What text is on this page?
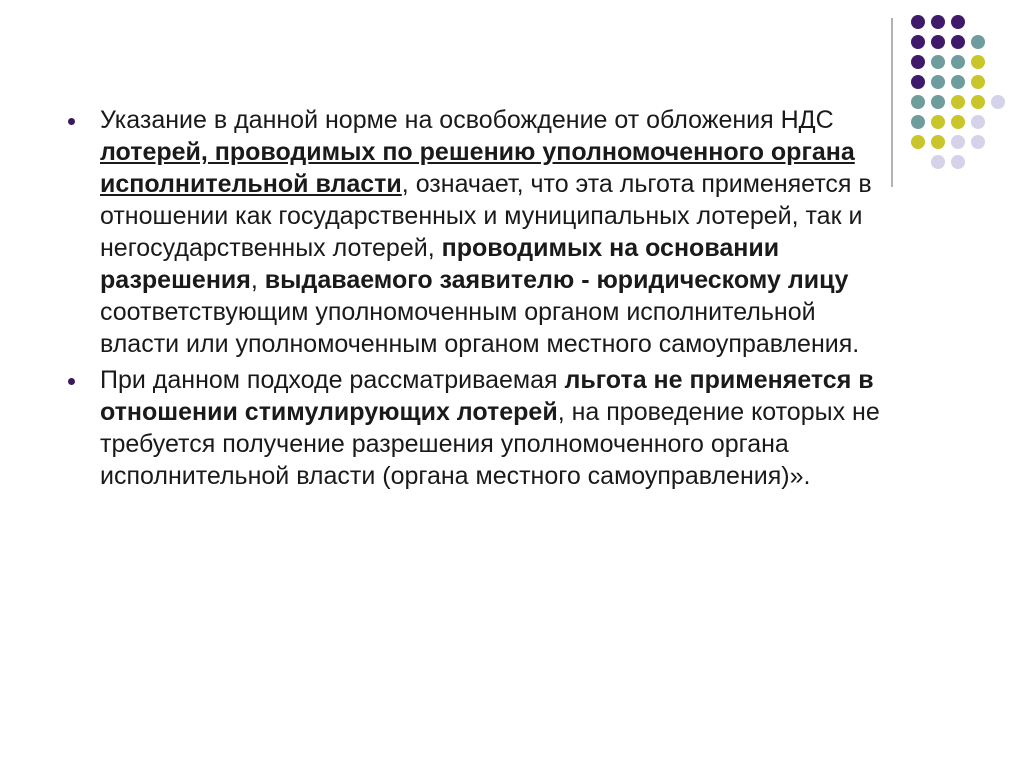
Указание в данной норме на освобождение от обложения НДС лотерей, проводимых по решению уполномоченного органа исполнительной власти, означает, что эта льгота применяется в отношении как государственных и муниципальных лотерей, так и негосударственных лотерей, проводимых на основании разрешения, выдаваемого заявителю - юридическому лицу соответствующим уполномоченным органом исполнительной власти или уполномоченным органом местного самоуправления.
При данном подходе рассматриваемая льгота не применяется в отношении стимулирующих лотерей, на проведение которых не требуется получение разрешения уполномоченного органа исполнительной власти (органа местного самоуправления)».
